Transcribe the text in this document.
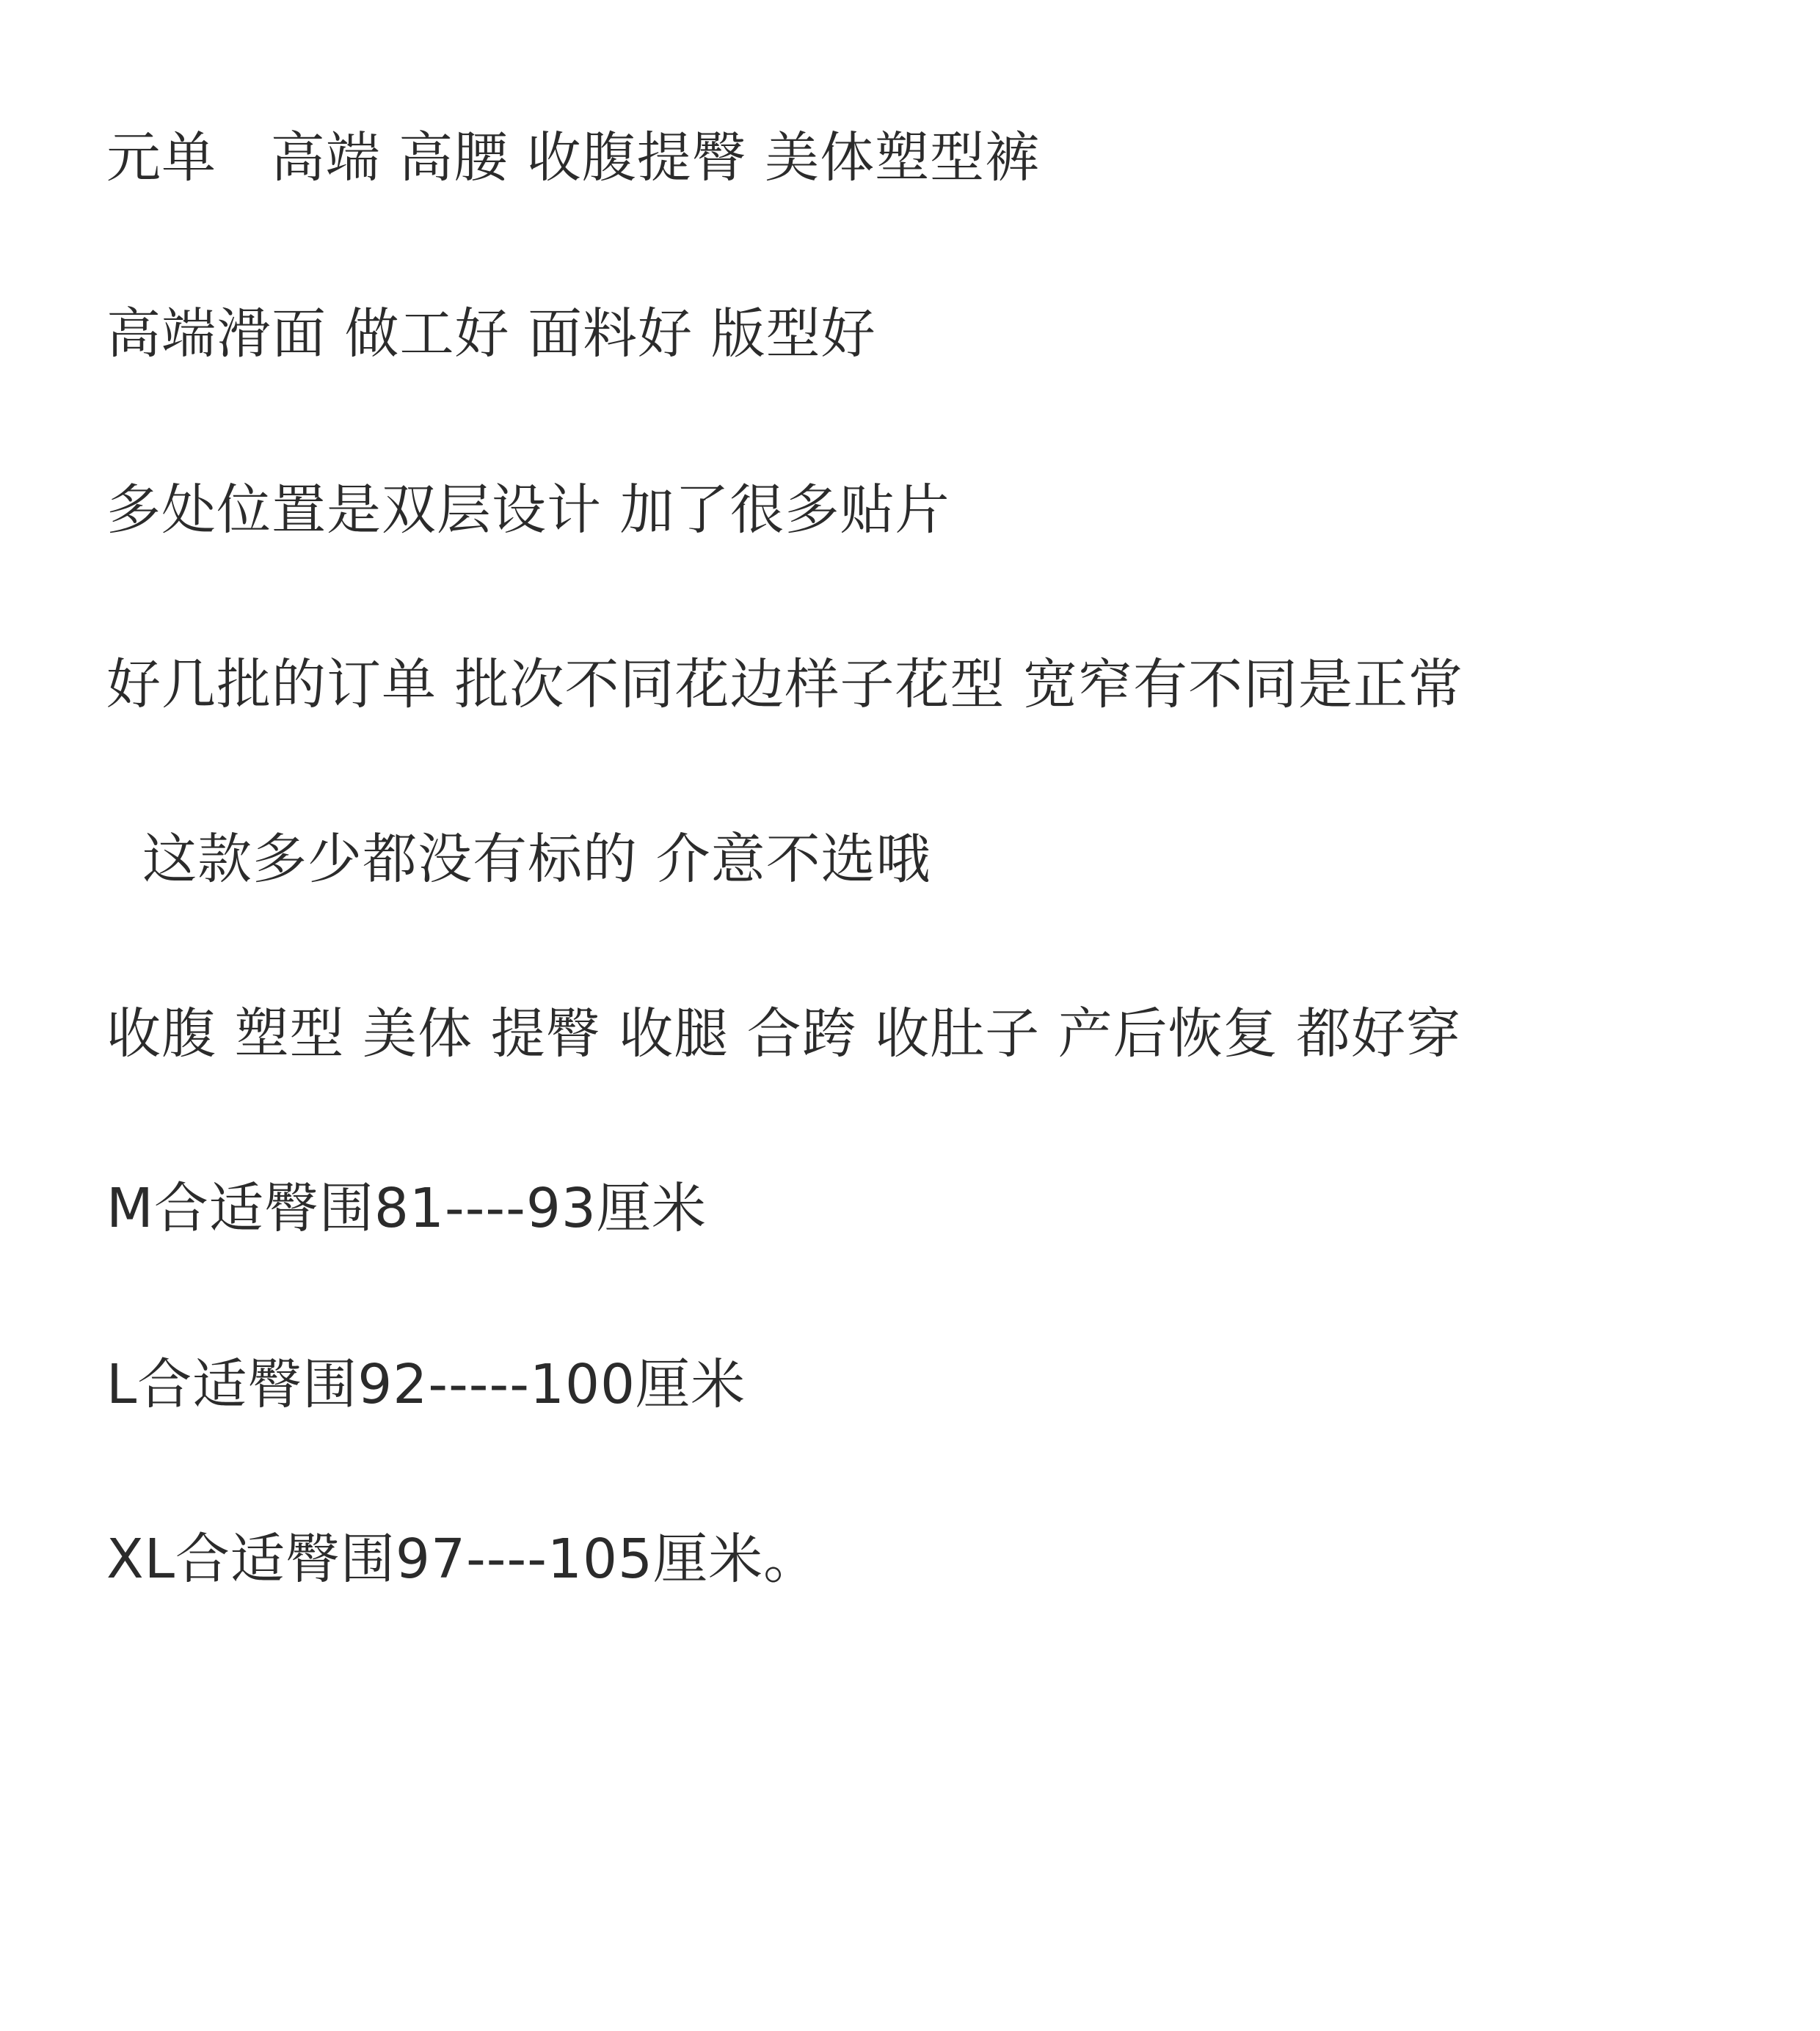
元单   高端 高腰 收腹提臀 美体塑型裤

高端滑面 做工好 面料好 版型好

多处位置是双层设计 加了很多贴片

好几批的订单 批次不同花边样子花型 宽窄有不同是正常

这款多少都没有标的 介意不选哦

收腹 塑型 美体 提臀 收腿 合跨 收肚子 产后恢复 都好穿

M合适臀围81----93厘米

L合适臀围92-----100厘米

XL合适臀围97----105厘米。
